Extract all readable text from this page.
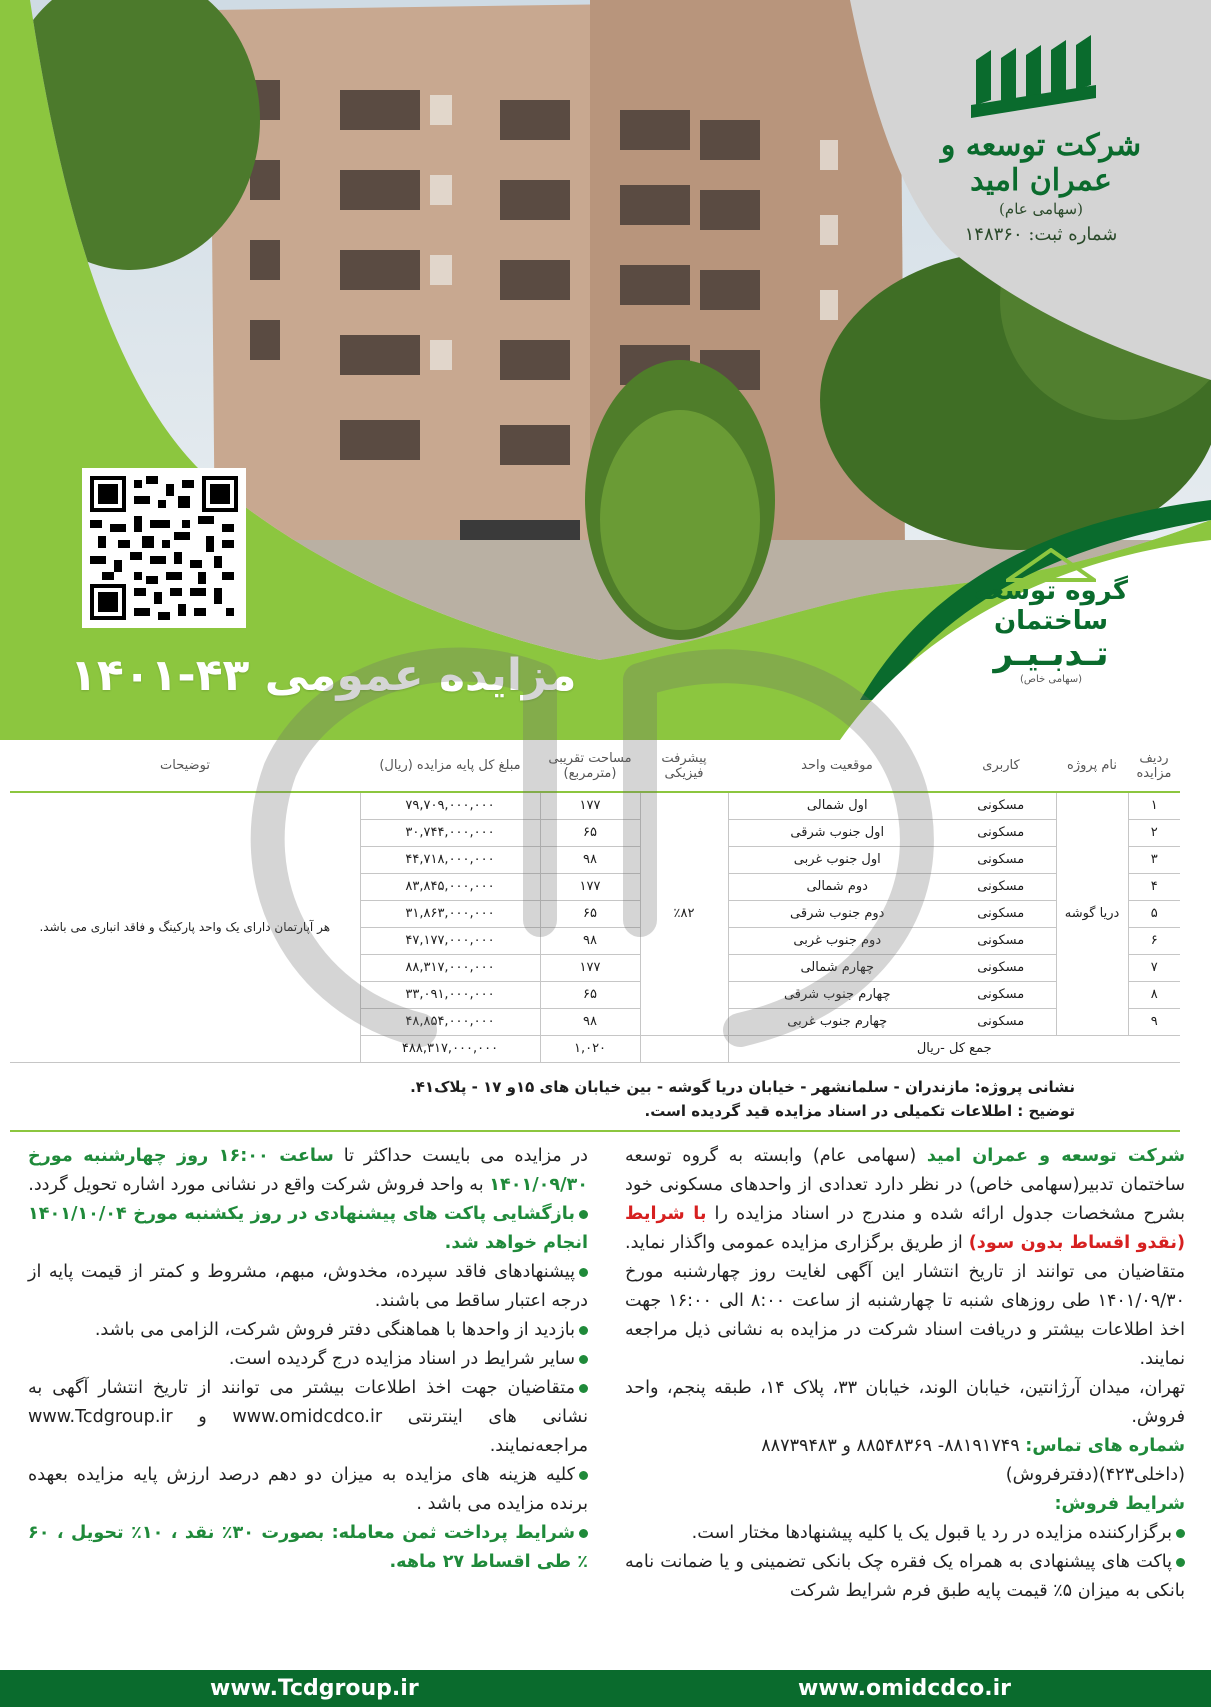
شرکت توسعه و عمران امید
(سهامی عام)
شماره ثبت: ۱۴۸۳۶۰
گروه توسعه ساختمان
تـدبـیـر
(سهامی خاص)
مزایده عمومی ۴۳-۱۴۰۱
ردیف مزایده	نام پروژه	کاربری	موقعیت واحد	پیشرفت فیزیکی	مساحت تقریبی (مترمربع)	مبلغ کل پایه مزایده (ریال)	توضیحات
۱	دریا گوشه	مسکونی	اول شمالی	٪۸۲	۱۷۷	۷۹,۷۰۹,۰۰۰,۰۰۰	هر آپارتمان دارای یک واحد پارکینگ و فاقد انباری می باشد.
۲		مسکونی	اول جنوب شرقی		۶۵	۳۰,۷۴۴,۰۰۰,۰۰۰	
۳		مسکونی	اول جنوب غربی		۹۸	۴۴,۷۱۸,۰۰۰,۰۰۰	
۴		مسکونی	دوم شمالی		۱۷۷	۸۳,۸۴۵,۰۰۰,۰۰۰	
۵		مسکونی	دوم جنوب شرقی		۶۵	۳۱,۸۶۳,۰۰۰,۰۰۰	
۶		مسکونی	دوم جنوب غربی		۹۸	۴۷,۱۷۷,۰۰۰,۰۰۰	
۷		مسکونی	چهارم شمالی		۱۷۷	۸۸,۳۱۷,۰۰۰,۰۰۰	
۸		مسکونی	چهارم جنوب شرقی		۶۵	۳۳,۰۹۱,۰۰۰,۰۰۰	
۹		مسکونی	چهارم جنوب غربی		۹۸	۴۸,۸۵۴,۰۰۰,۰۰۰	
جمع کل -ریال					۱,۰۲۰	۴۸۸,۳۱۷,۰۰۰,۰۰۰	
نشانی پروژه: مازندران - سلمانشهر - خیابان دریا گوشه - بین خیابان های ۱۵و ۱۷ - پلاک۴۱.
توضیح : اطلاعات تکمیلی در اسناد مزایده قید گردیده است.

شرکت توسعه و عمران امید (سهامی عام) وابسته به گروه توسعه ساختمان تدبیر(سهامی خاص) در نظر دارد تعدادی از واحدهای مسکونی خود بشرح مشخصات جدول ارائه شده و مندرج در اسناد مزایده را با شرایط (نقدو اقساط بدون سود) از طریق برگزاری مزایده عمومی واگذار نماید. متقاضیان می توانند از تاریخ انتشار این آگهی لغایت روز چهارشنبه مورخ ۱۴۰۱/۰۹/۳۰ طی روزهای شنبه تا چهارشنبه از ساعت ۸:۰۰ الی ۱۶:۰۰ جهت اخذ اطلاعات بیشتر و دریافت اسناد شرکت در مزایده به نشانی ذیل مراجعه نمایند.

تهران، میدان آرژانتین، خیابان الوند، خیابان ۳۳، پلاک ۱۴، طبقه پنجم، واحد فروش.

شماره های تماس: ۸۸۱۹۱۷۴۹- ۸۸۵۴۸۳۶۹ و ۸۸۷۳۹۴۸۳

(داخلی۴۲۳)(دفترفروش)

شرایط فروش:

برگزارکننده مزایده در رد یا قبول یک یا کلیه پیشنهادها مختار است.

پاکت های پیشنهادی به همراه یک فقره چک بانکی تضمینی و یا ضمانت نامه بانکی به میزان ۵٪ قیمت پایه طبق فرم شرایط شرکت

در مزایده می بایست حداکثر تا ساعت ۱۶:۰۰ روز چهارشنبه مورخ ۱۴۰۱/۰۹/۳۰ به واحد فروش شرکت واقع در نشانی مورد اشاره تحویل گردد.

بازگشایی پاکت های پیشنهادی در روز یکشنبه مورخ ۱۴۰۱/۱۰/۰۴ انجام خواهد شد.

پیشنهادهای فاقد سپرده، مخدوش، مبهم، مشروط و کمتر از قیمت پایه از درجه اعتبار ساقط می باشند.

بازدید از واحدها با هماهنگی دفتر فروش شرکت، الزامی می باشد.

سایر شرایط در اسناد مزایده درج گردیده است.

متقاضیان جهت اخذ اطلاعات بیشتر می توانند از تاریخ انتشار آگهی به نشانی های اینترنتی www.omidcdco.ir و www.Tcdgroup.ir مراجعه‌نمایند.

کلیه هزینه های مزایده به میزان دو دهم درصد ارزش پایه مزایده بعهده برنده مزایده می باشد .

شرایط پرداخت ثمن معامله: بصورت ۳۰٪ نقد ، ۱۰٪ تحویل ، ۶۰ ٪ طی اقساط ۲۷ ماهه.

www.Tcdgroup.ir	www.omidcdco.ir
